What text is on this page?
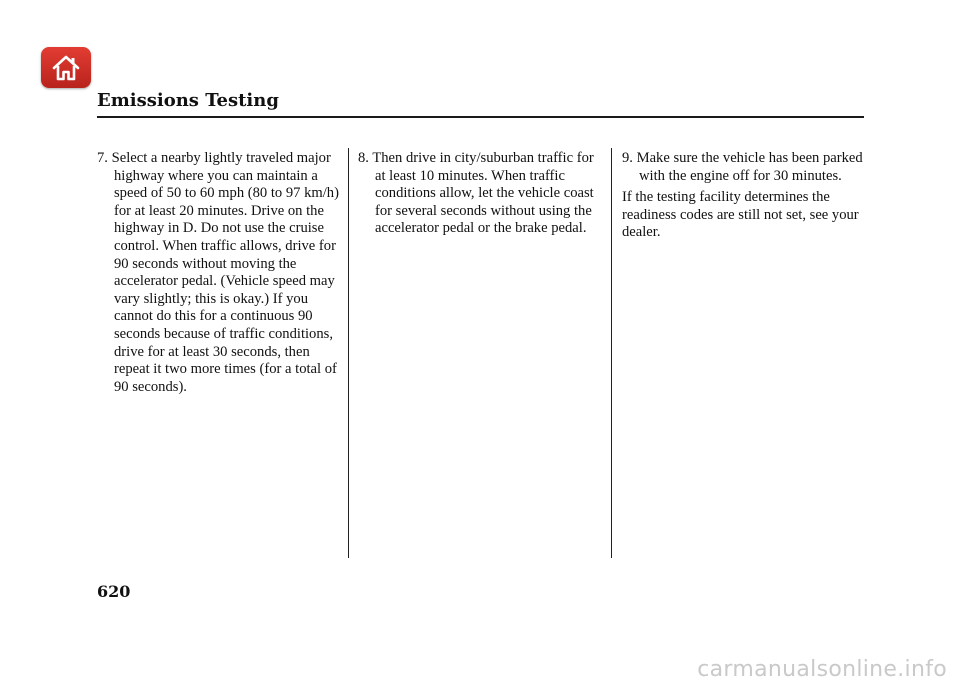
Emissions Testing

7. Select a nearby lightly traveled major highway where you can maintain a speed of 50 to 60 mph (80 to 97 km/h) for at least 20 minutes. Drive on the highway in D. Do not use the cruise control. When traffic allows, drive for 90 seconds without moving the accelerator pedal. (Vehicle speed may vary slightly; this is okay.) If you cannot do this for a continuous 90 seconds because of traffic conditions, drive for at least 30 seconds, then repeat it two more times (for a total of 90 seconds).

8. Then drive in city/suburban traffic for at least 10 minutes. When traffic conditions allow, let the vehicle coast for several seconds without using the accelerator pedal or the brake pedal.

9. Make sure the vehicle has been parked with the engine off for 30 minutes.

If the testing facility determines the readiness codes are still not set, see your dealer.

620
carmanualsonline.info
